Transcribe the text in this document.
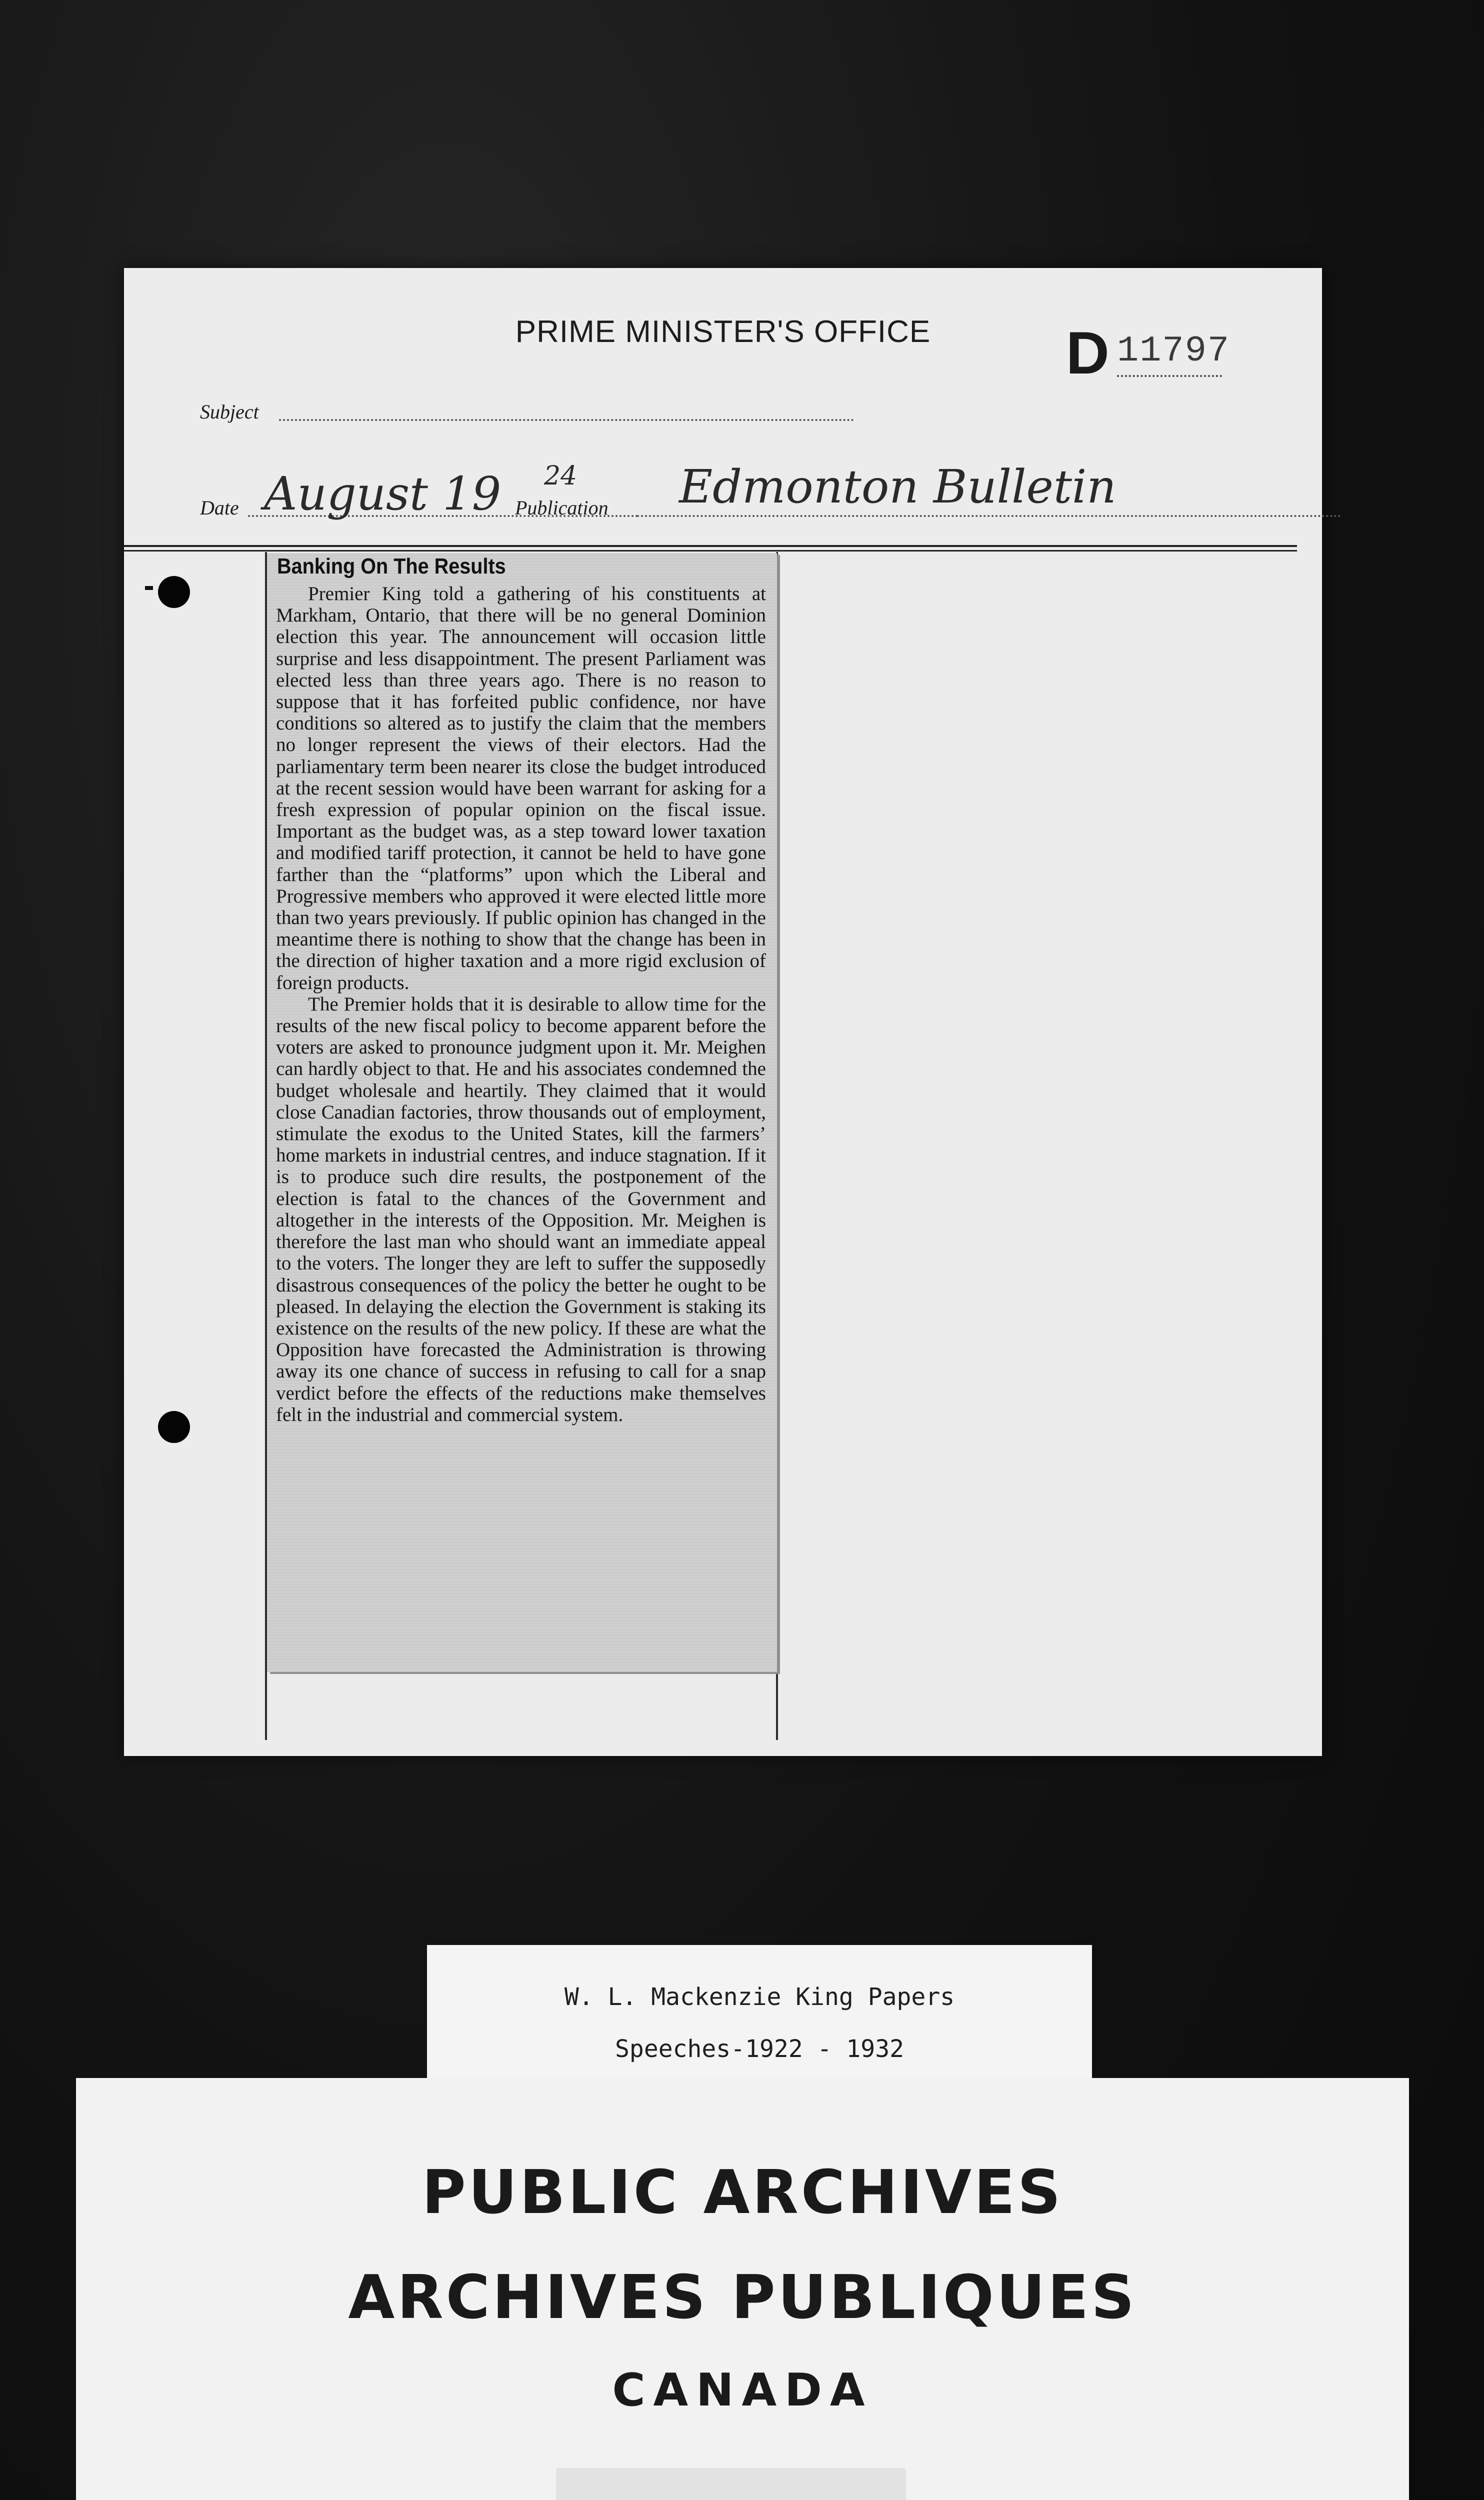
PRIME MINISTER'S OFFICE	D 11797
Subject
Date August 19 24
Publication Edmonton Bulletin
Banking On The Results

Premier King told a gathering of his constituents at Markham, Ontario, that there will be no general Dominion election this year. The announcement will occasion little surprise and less disappointment. The present Parliament was elected less than three years ago. There is no reason to suppose that it has forfeited public confidence, nor have conditions so altered as to justify the claim that the members no longer represent the views of their electors. Had the parliamentary term been nearer its close the budget introduced at the recent session would have been warrant for asking for a fresh expression of popular opinion on the fiscal issue. Important as the budget was, as a step toward lower taxation and modified tariff protection, it cannot be held to have gone farther than the “platforms” upon which the Liberal and Progressive members who approved it were elected little more than two years previously. If public opinion has changed in the meantime there is nothing to show that the change has been in the direction of higher taxation and a more rigid exclusion of foreign products.

The Premier holds that it is desirable to allow time for the results of the new fiscal policy to become apparent before the voters are asked to pronounce judgment upon it. Mr. Meighen can hardly object to that. He and his associates condemned the budget wholesale and heartily. They claimed that it would close Canadian factories, throw thousands out of employment, stimulate the exodus to the United States, kill the farmers’ home markets in industrial centres, and induce stagnation. If it is to produce such dire results, the postponement of the election is fatal to the chances of the Government and altogether in the interests of the Opposition. Mr. Meighen is therefore the last man who should want an immediate appeal to the voters. The longer they are left to suffer the supposedly disastrous consequences of the policy the better he ought to be pleased. In delaying the election the Government is staking its existence on the results of the new policy. If these are what the Opposition have forecasted the Administration is throwing away its one chance of success in refusing to call for a snap verdict before the effects of the reductions make themselves felt in the industrial and commercial system.

W. L. Mackenzie King Papers
Speeches-1922 - 1932
PUBLIC ARCHIVES
ARCHIVES PUBLIQUES
CANADA
